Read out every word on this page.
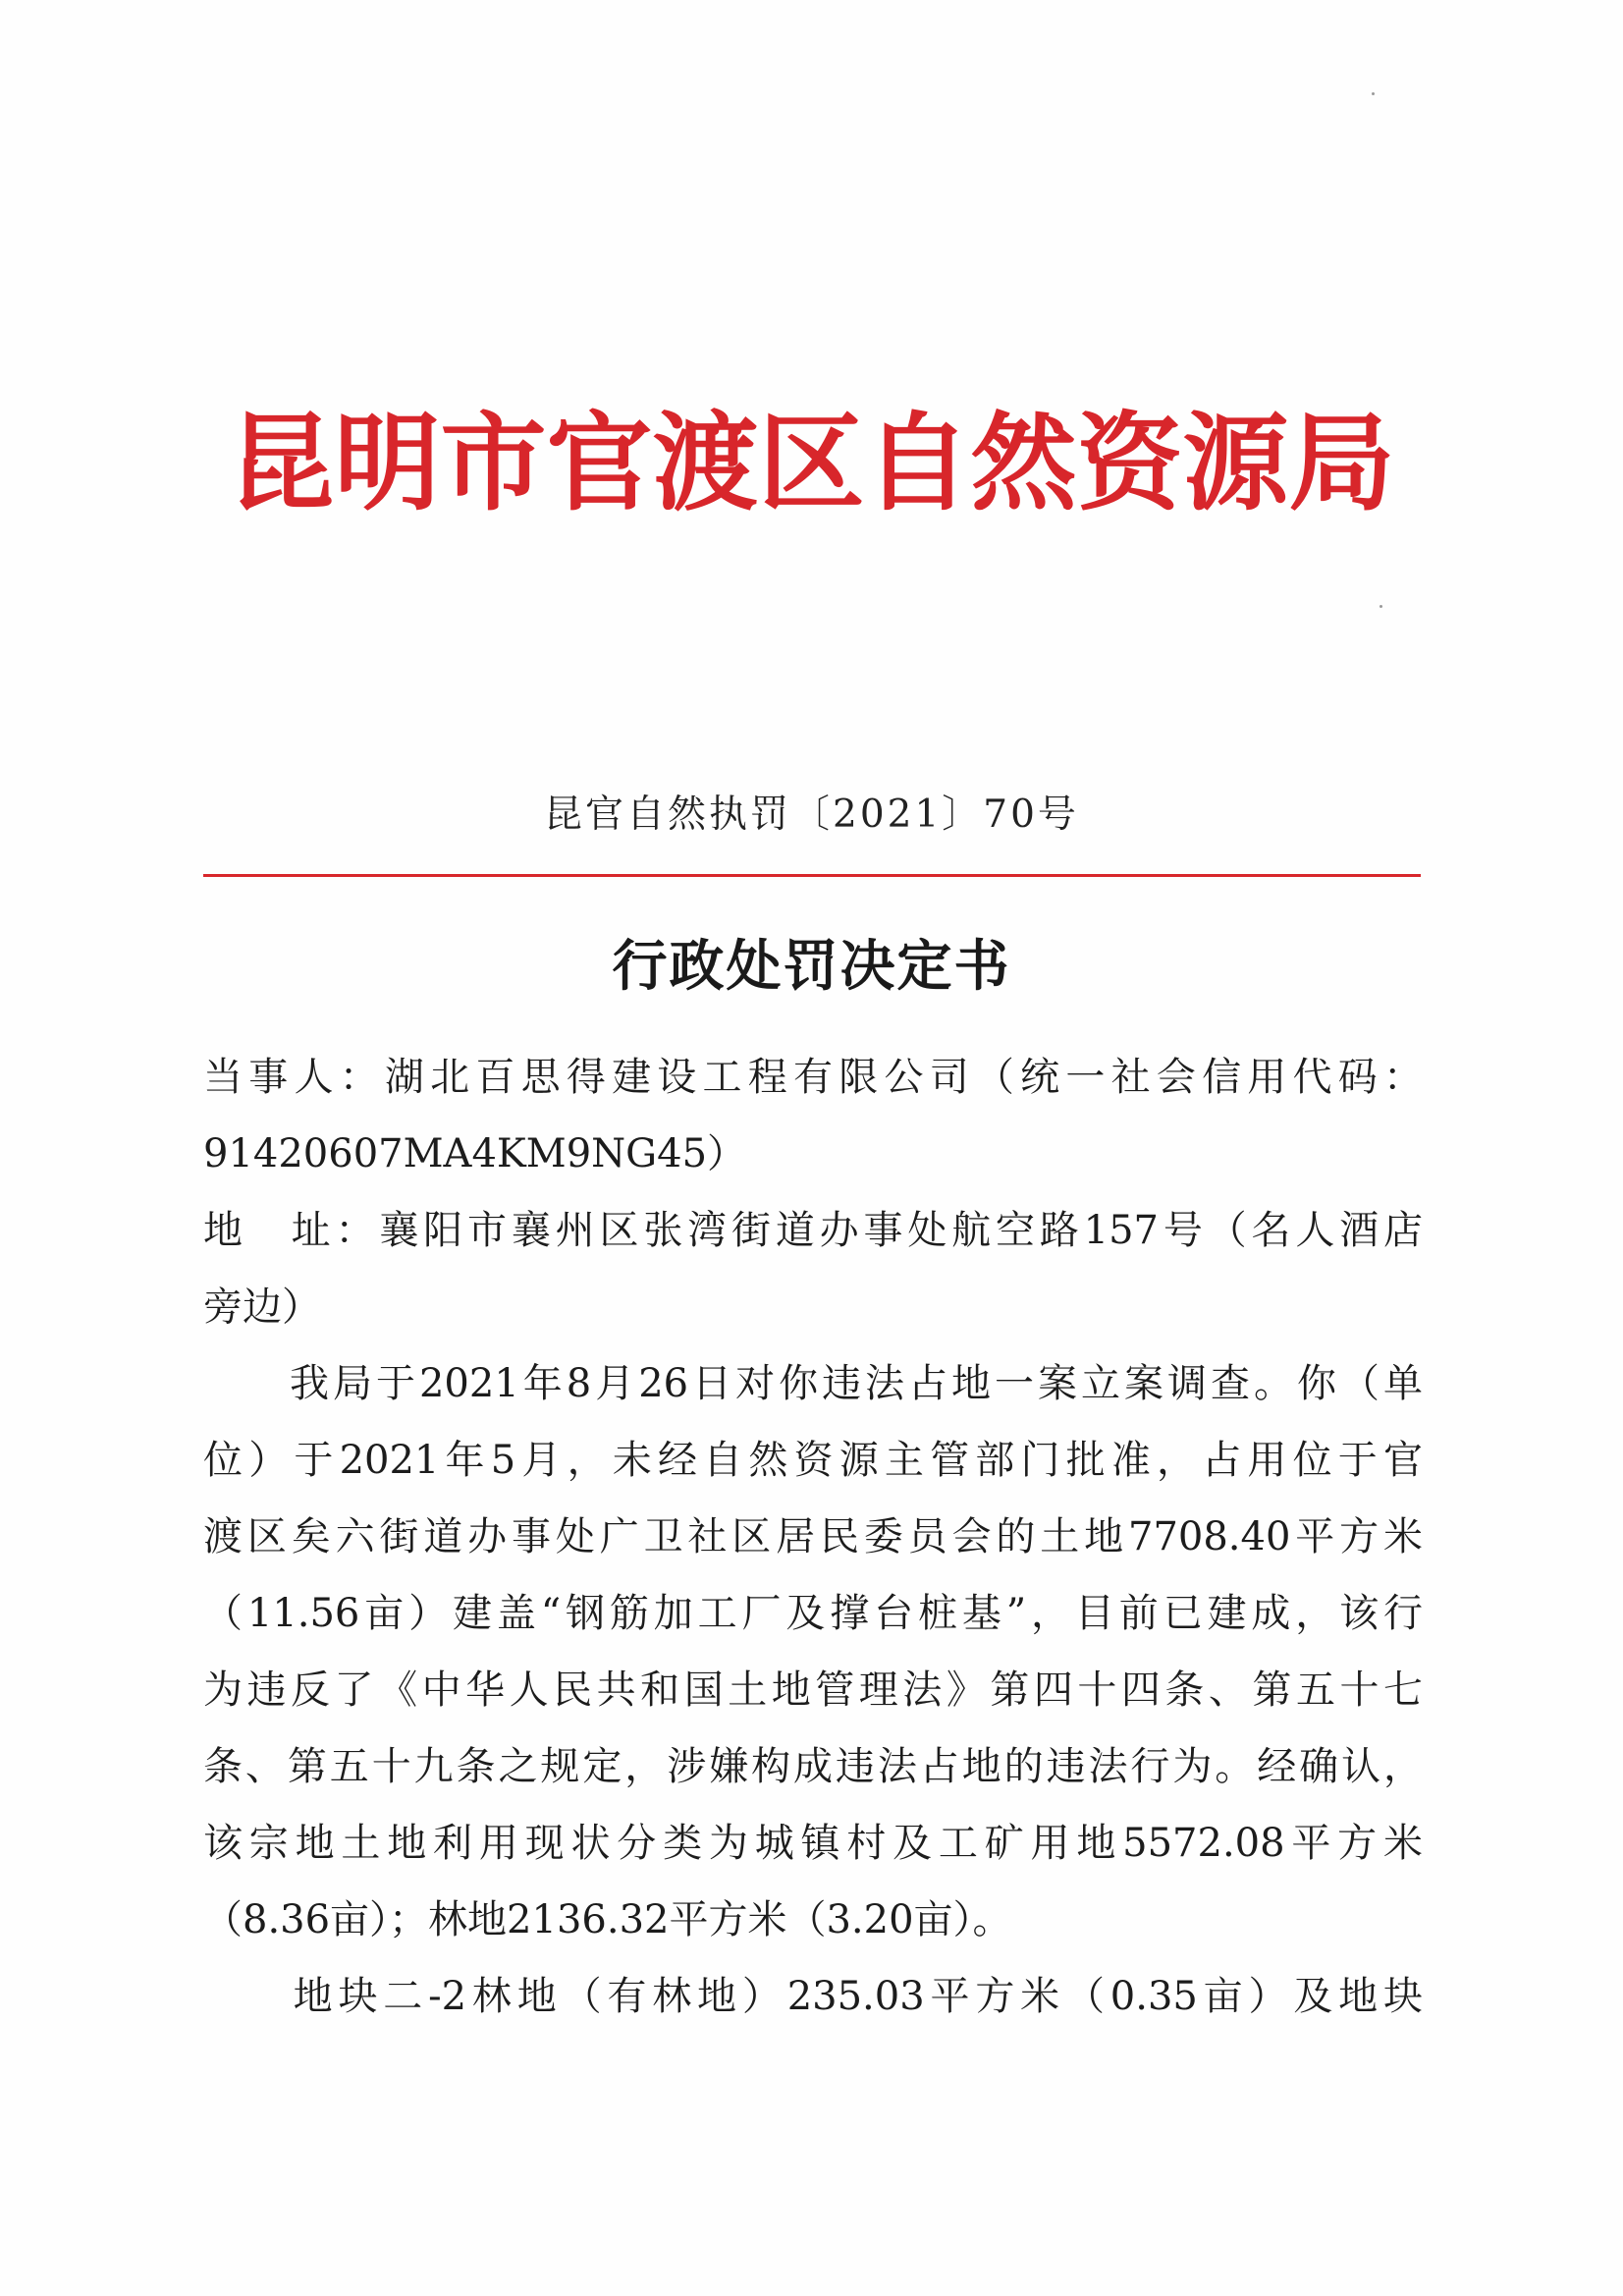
昆明市官渡区自然资源局
昆官自然执罚〔2021〕70号
行政处罚决定书
当事人：湖北百思得建设工程有限公司（统一社会信用代码：
91420607MA4KM9NG45）
地　址：襄阳市襄州区张湾街道办事处航空路157号（名人酒店
旁边）
　　我局于2021年8月26日对你违法占地一案立案调查。你（单
位）于2021年5月，未经自然资源主管部门批准，占用位于官
渡区矣六街道办事处广卫社区居民委员会的土地7708.40平方米
（11.56亩）建盖“钢筋加工厂及撑台桩基”，目前已建成，该行
为违反了《中华人民共和国土地管理法》第四十四条、第五十七
条、第五十九条之规定，涉嫌构成违法占地的违法行为。经确认，
该宗地土地利用现状分类为城镇村及工矿用地5572.08平方米
（8.36亩）；林地2136.32平方米（3.20亩）。
　　地块二-2林地（有林地）235.03平方米（0.35亩）及地块
